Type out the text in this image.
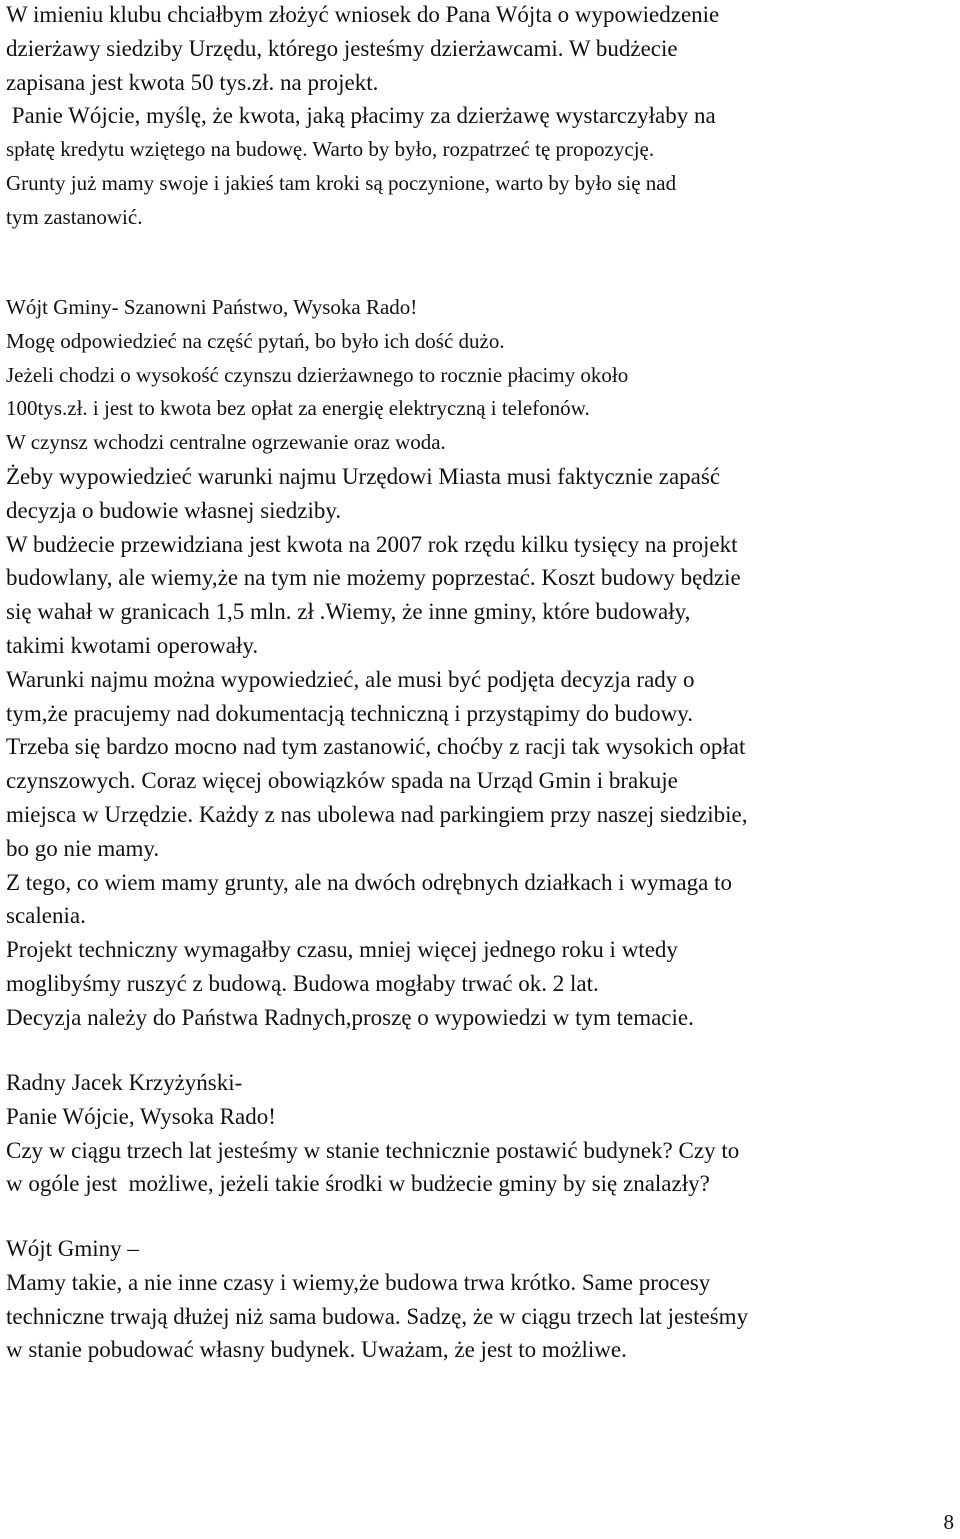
W imieniu klubu chciałbym złożyć wniosek do Pana Wójta o wypowiedzenie
dzierżawy siedziby Urzędu, którego jesteśmy dzierżawcami. W budżecie
zapisana jest kwota 50 tys.zł. na projekt.
Panie Wójcie, myślę, że kwota, jaką płacimy za dzierżawę wystarczyłaby na
spłatę kredytu wziętego na budowę. Warto by było, rozpatrzeć tę propozycję.
Grunty już mamy swoje i jakieś tam kroki są poczynione, warto by było się nad
tym zastanowić.
Wójt Gminy- Szanowni Państwo, Wysoka Rado!
Mogę odpowiedzieć na część pytań, bo było ich dość dużo.
Jeżeli chodzi o wysokość czynszu dzierżawnego to rocznie płacimy około
100tys.zł. i jest to kwota bez opłat za energię elektryczną i telefonów.
W czynsz wchodzi centralne ogrzewanie oraz woda.
Żeby wypowiedzieć warunki najmu Urzędowi Miasta musi faktycznie zapaść
decyzja o budowie własnej siedziby.
W budżecie przewidziana jest kwota na 2007 rok rzędu kilku tysięcy na projekt
budowlany, ale wiemy,że na tym nie możemy poprzestać. Koszt budowy będzie
się wahał w granicach 1,5 mln. zł .Wiemy, że inne gminy, które budowały,
takimi kwotami operowały.
Warunki najmu można wypowiedzieć, ale musi być podjęta decyzja rady o
tym,że pracujemy nad dokumentacją techniczną i przystąpimy do budowy.
Trzeba się bardzo mocno nad tym zastanowić, choćby z racji tak wysokich opłat
czynszowych. Coraz więcej obowiązków spada na Urząd Gmin i brakuje
miejsca w Urzędzie. Każdy z nas ubolewa nad parkingiem przy naszej siedzibie,
bo go nie mamy.
Z tego, co wiem mamy grunty, ale na dwóch odrębnych działkach i wymaga to
scalenia.
Projekt techniczny wymagałby czasu, mniej więcej jednego roku i wtedy
moglibyśmy ruszyć z budową. Budowa mogłaby trwać ok. 2 lat.
Decyzja należy do Państwa Radnych,proszę o wypowiedzi w tym temacie.
Radny Jacek Krzyżyński-
Panie Wójcie, Wysoka Rado!
Czy w ciągu trzech lat jesteśmy w stanie technicznie postawić budynek? Czy to
w ogóle jest  możliwe, jeżeli takie środki w budżecie gminy by się znalazły?
Wójt Gminy –
Mamy takie, a nie inne czasy i wiemy,że budowa trwa krótko. Same procesy
techniczne trwają dłużej niż sama budowa. Sadzę, że w ciągu trzech lat jesteśmy
w stanie pobudować własny budynek. Uważam, że jest to możliwe.
8
